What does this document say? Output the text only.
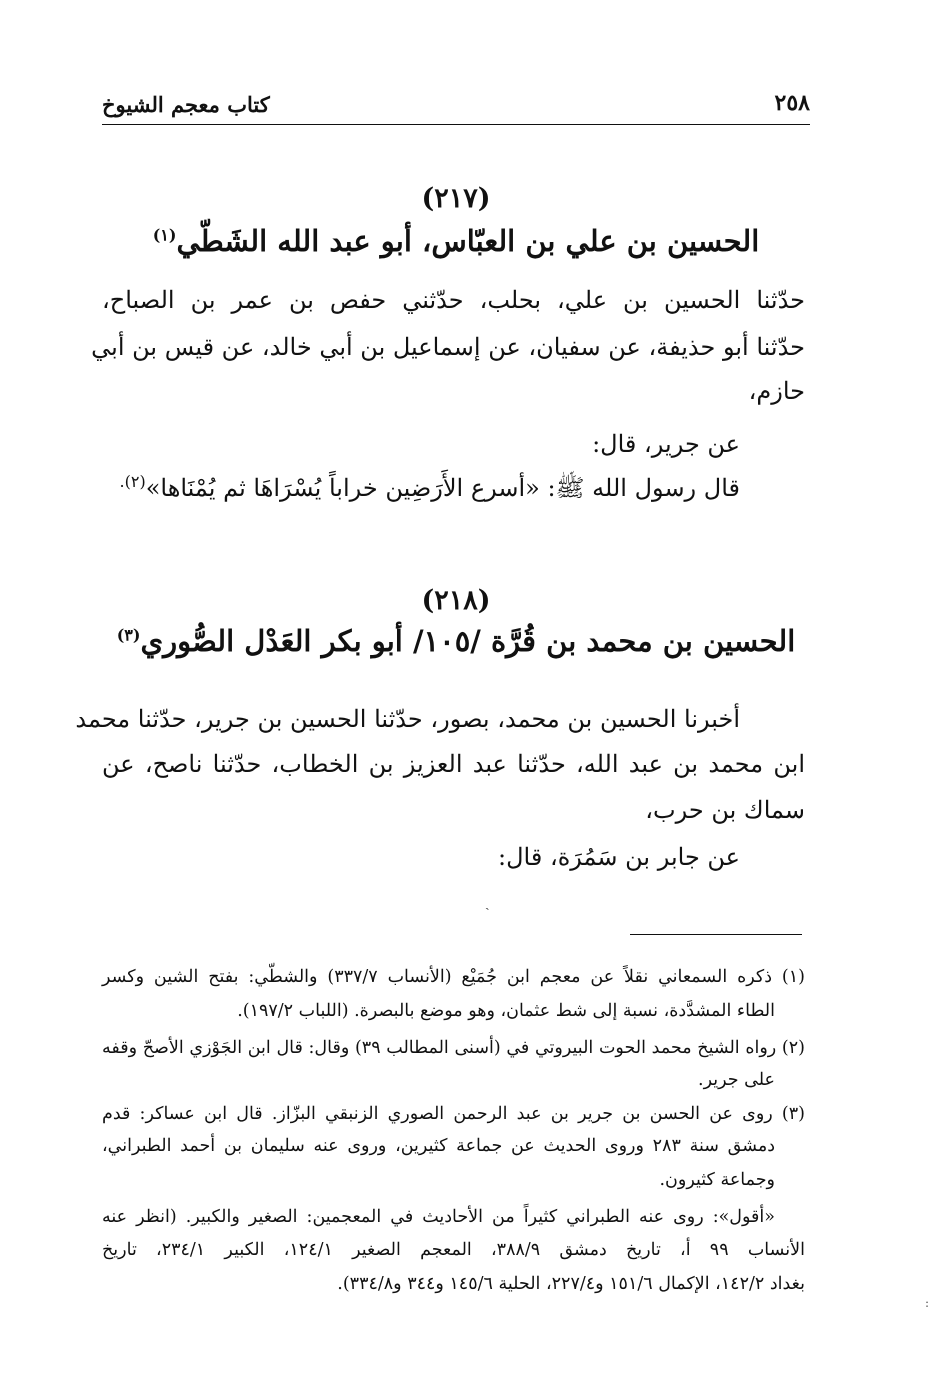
٢٥٨
كتاب معجم الشيوخ
(٢١٧)
الحسين بن علي بن العبّاس، أبو عبد الله الشَطّي$^{(١)}$
حدّثنا الحسين بن علي، بحلب، حدّثني حفص بن عمر بن الصباح،
حدّثنا أبو حذيفة، عن سفيان، عن إسماعيل بن أبي خالد، عن قيس بن أبي
حازم،
عن جرير، قال:
قال رسول الله ﷺ: «أسرع الأَرَضِين خراباً يُسْرَاهَا ثم يُمْنَاها»$^{(٢).}$
(٢١٨)
الحسين بن محمد بن قُرَّة /١٠٥/ أبو بكر العَدْل الصُّوري$^{(٣)}$
أخبرنا الحسين بن محمد، بصور، حدّثنا الحسين بن جرير، حدّثنا محمد
ابن محمد بن عبد الله، حدّثنا عبد العزيز بن الخطاب، حدّثنا ناصح، عن
سماك بن حرب،
عن جابر بن سَمُرَة، قال:
ˏ
(١) ذكره السمعاني نقلاً عن معجم ابن جُمَيْع (الأنساب ٣٣٧/٧) والشطّي: بفتح الشين وكسر
الطاء المشدَّدة، نسبة إلى شط عثمان، وهو موضع بالبصرة. (اللباب ١٩٧/٢).
(٢) رواه الشيخ محمد الحوت البيروتي في (أسنى المطالب ٣٩) وقال: قال ابن الجَوْزي الأصحّ وقفه
على جرير.
(٣) روى عن الحسن بن جرير بن عبد الرحمن الصوري الزنبقي البزّاز. قال ابن عساكر: قدم
دمشق سنة ٢٨٣ وروى الحديث عن جماعة كثيرين، وروى عنه سليمان بن أحمد الطبراني،
وجماعة كثيرون.
«أقول»: روى عنه الطبراني كثيراً من الأحاديث في المعجمين: الصغير والكبير. (انظر عنه
الأنساب ٩٩ أ، تاريخ دمشق ٣٨٨/٩، المعجم الصغير ١٢٤/١، الكبير ٢٣٤/١، تاريخ
بغداد ١٤٢/٢، الإكمال ١٥١/٦ و٢٢٧/٤، الحلية ١٤٥/٦ و٣٤٤ و٣٣٤/٨).
:
